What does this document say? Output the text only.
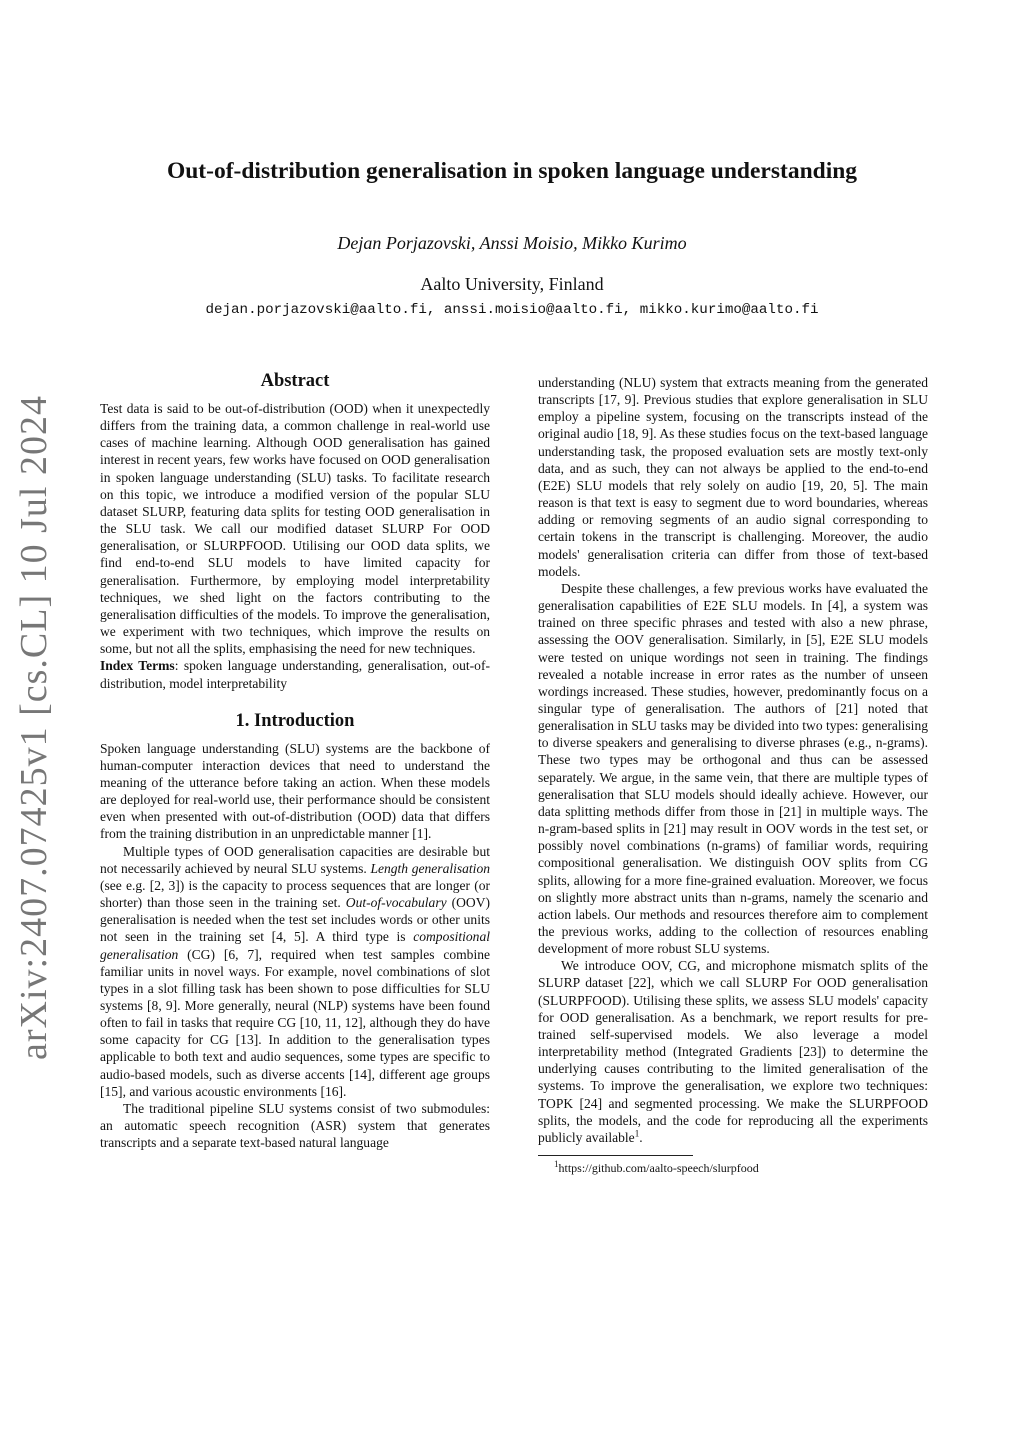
arXiv:2407.07425v1 [cs.CL] 10 Jul 2024
Out-of-distribution generalisation in spoken language understanding
Dejan Porjazovski, Anssi Moisio, Mikko Kurimo
Aalto University, Finland
dejan.porjazovski@aalto.fi, anssi.moisio@aalto.fi, mikko.kurimo@aalto.fi
Abstract

Test data is said to be out-of-distribution (OOD) when it unexpectedly differs from the training data, a common challenge in real-world use cases of machine learning. Although OOD generalisation has gained interest in recent years, few works have focused on OOD generalisation in spoken language understanding (SLU) tasks. To facilitate research on this topic, we introduce a modified version of the popular SLU dataset SLURP, featuring data splits for testing OOD generalisation in the SLU task. We call our modified dataset SLURP For OOD generalisation, or SLURPFOOD. Utilising our OOD data splits, we find end-to-end SLU models to have limited capacity for generalisation. Furthermore, by employing model interpretability techniques, we shed light on the factors contributing to the generalisation difficulties of the models. To improve the generalisation, we experiment with two techniques, which improve the results on some, but not all the splits, emphasising the need for new techniques.

Index Terms: spoken language understanding, generalisation, out-of-distribution, model interpretability

1. Introduction

Spoken language understanding (SLU) systems are the backbone of human-computer interaction devices that need to understand the meaning of the utterance before taking an action. When these models are deployed for real-world use, their performance should be consistent even when presented with out-of-distribution (OOD) data that differs from the training distribution in an unpredictable manner [1].

Multiple types of OOD generalisation capacities are desirable but not necessarily achieved by neural SLU systems. Length generalisation (see e.g. [2, 3]) is the capacity to process sequences that are longer (or shorter) than those seen in the training set. Out-of-vocabulary (OOV) generalisation is needed when the test set includes words or other units not seen in the training set [4, 5]. A third type is compositional generalisation (CG) [6, 7], required when test samples combine familiar units in novel ways. For example, novel combinations of slot types in a slot filling task has been shown to pose difficulties for SLU systems [8, 9]. More generally, neural (NLP) systems have been found often to fail in tasks that require CG [10, 11, 12], although they do have some capacity for CG [13]. In addition to the generalisation types applicable to both text and audio sequences, some types are specific to audio-based models, such as diverse accents [14], different age groups [15], and various acoustic environments [16].

The traditional pipeline SLU systems consist of two submodules: an automatic speech recognition (ASR) system that generates transcripts and a separate text-based natural language

understanding (NLU) system that extracts meaning from the generated transcripts [17, 9]. Previous studies that explore generalisation in SLU employ a pipeline system, focusing on the transcripts instead of the original audio [18, 9]. As these studies focus on the text-based language understanding task, the proposed evaluation sets are mostly text-only data, and as such, they can not always be applied to the end-to-end (E2E) SLU models that rely solely on audio [19, 20, 5]. The main reason is that text is easy to segment due to word boundaries, whereas adding or removing segments of an audio signal corresponding to certain tokens in the transcript is challenging. Moreover, the audio models' generalisation criteria can differ from those of text-based models.

Despite these challenges, a few previous works have evaluated the generalisation capabilities of E2E SLU models. In [4], a system was trained on three specific phrases and tested with also a new phrase, assessing the OOV generalisation. Similarly, in [5], E2E SLU models were tested on unique wordings not seen in training. The findings revealed a notable increase in error rates as the number of unseen wordings increased. These studies, however, predominantly focus on a singular type of generalisation. The authors of [21] noted that generalisation in SLU tasks may be divided into two types: generalising to diverse speakers and generalising to diverse phrases (e.g., n-grams). These two types may be orthogonal and thus can be assessed separately. We argue, in the same vein, that there are multiple types of generalisation that SLU models should ideally achieve. However, our data splitting methods differ from those in [21] in multiple ways. The n-gram-based splits in [21] may result in OOV words in the test set, or possibly novel combinations (n-grams) of familiar words, requiring compositional generalisation. We distinguish OOV splits from CG splits, allowing for a more fine-grained evaluation. Moreover, we focus on slightly more abstract units than n-grams, namely the scenario and action labels. Our methods and resources therefore aim to complement the previous works, adding to the collection of resources enabling development of more robust SLU systems.

We introduce OOV, CG, and microphone mismatch splits of the SLURP dataset [22], which we call SLURP For OOD generalisation (SLURPFOOD). Utilising these splits, we assess SLU models' capacity for OOD generalisation. As a benchmark, we report results for pre-trained self-supervised models. We also leverage a model interpretability method (Integrated Gradients [23]) to determine the underlying causes contributing to the limited generalisation of the systems. To improve the generalisation, we explore two techniques: TOPK [24] and segmented processing. We make the SLURPFOOD splits, the models, and the code for reproducing all the experiments publicly available$^1$.

$^1$https://github.com/aalto-speech/slurpfood
